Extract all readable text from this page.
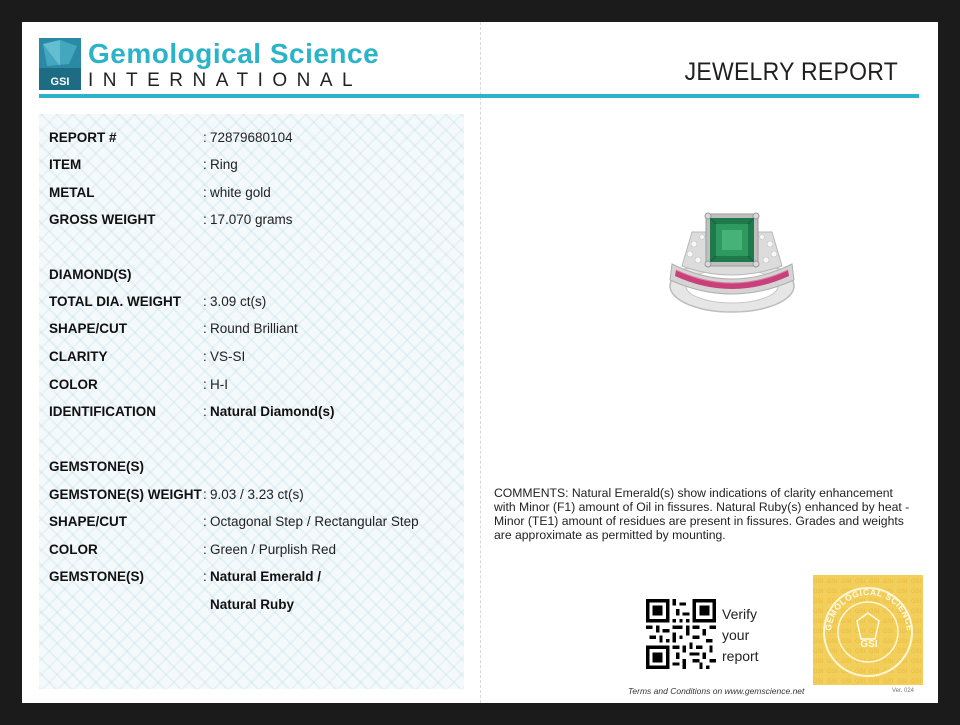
GSI
Gemological Science
INTERNATIONAL	JEWELRY REPORT
REPORT #	: 72879680104
ITEM	: Ring
METAL	: white gold
GROSS WEIGHT	: 17.070 grams
DIAMOND(S)
TOTAL DIA. WEIGHT	: 3.09 ct(s)
SHAPE/CUT	: Round Brilliant
CLARITY	: VS-SI
COLOR	: H-I
IDENTIFICATION	: Natural Diamond(s)
GEMSTONE(S)
GEMSTONE(S) WEIGHT : 9.03 / 3.23 ct(s)
SHAPE/CUT	: Octagonal Step / Rectangular Step
COLOR	: Green / Purplish Red
GEMSTONE(S)	: Natural Emerald /
Natural Ruby
COMMENTS: Natural Emerald(s) show indications of clarity enhancement with Minor (F1) amount of Oil in fissures. Natural Ruby(s) enhanced by heat - Minor (TE1) amount of residues are present in fissures. Grades and weights are approximate as permitted by mounting.
Verify
your
report
GEMOLOGICAL SCIENCE
GSI
Terms and Conditions on www.gemscience.net	Ver. 024
